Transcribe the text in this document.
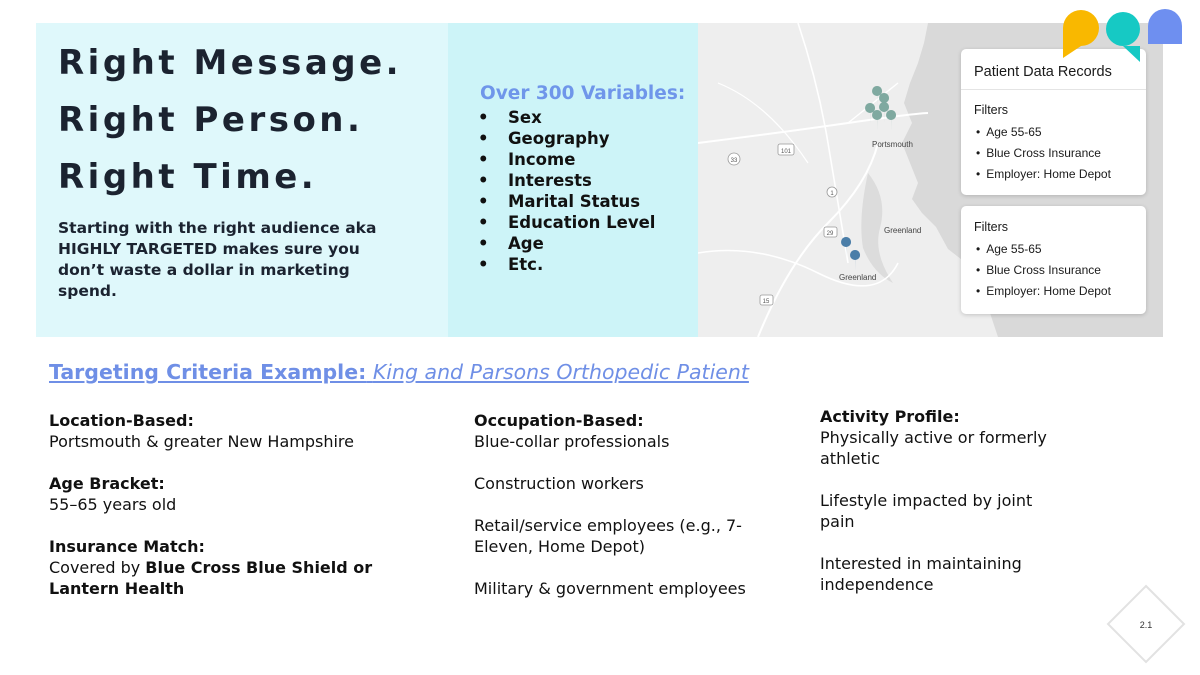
Right Message.
Right Person.
Right Time.
Starting with the right audience aka HIGHLY TARGETED makes sure you don’t waste a dollar in marketing spend.
Over 300 Variables:
• Sex
• Geography
• Income
• Interests
• Marital Status
• Education Level
• Age
• Etc.
101
33
1
29
15
Portsmouth
Greenland
Greenland
Patient Data Records
Filters
• Age 55-65
• Blue Cross Insurance
• Employer: Home Depot
Filters
• Age 55-65
• Blue Cross Insurance
• Employer: Home Depot
Targeting Criteria Example: King and Parsons Orthopedic Patient
Location-Based:
Portsmouth & greater New Hampshire
Age Bracket:
55–65 years old
Insurance Match:
Covered by Blue Cross Blue Shield or Lantern Health
Occupation-Based:
Blue-collar professionals
Construction workers
Retail/service employees (e.g., 7-Eleven, Home Depot)
Military & government employees
Activity Profile:
Physically active or formerly athletic
Lifestyle impacted by joint pain
Interested in maintaining independence
2.1
